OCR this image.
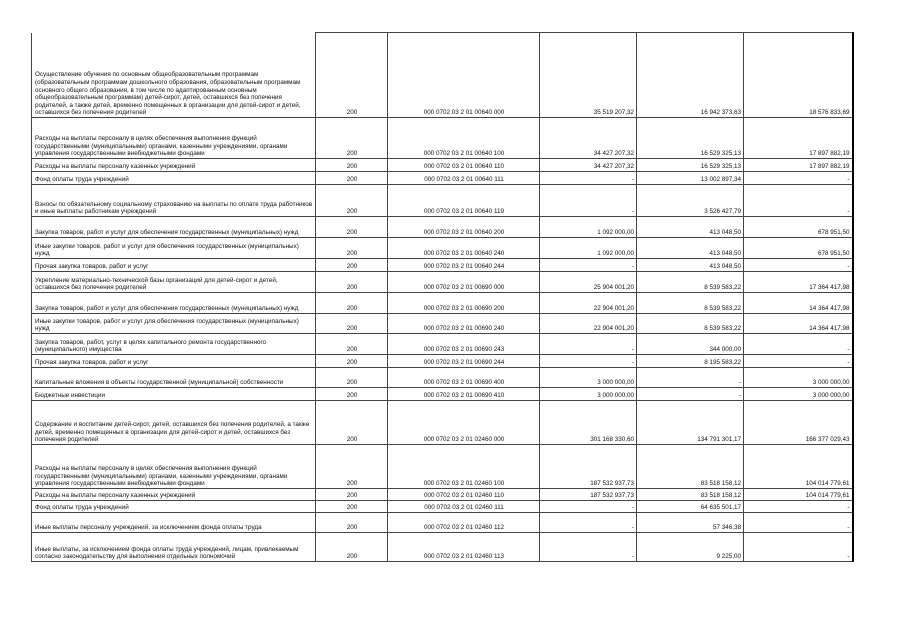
Осуществление обучения по основным общеобразовательным программам (образовательным программам дошкольного образования, образовательным программам основного общего образования, в том числе по адаптированным основным общеобразовательным программам) детей-сирот, детей, оставшихся без попечения родителей, а также детей, временно помещенных в организации для детей-сирот и детей, оставшихся без попечения родителей	200	000 0702 03 2 01 00640 000	35 519 207,32	16 942 373,63	18 576 833,69
Расходы на выплаты персоналу в целях обеспечения выполнения функций государственными (муниципальными) органами, казенными учреждениями, органами управления государственными внебюджетными фондами	200	000 0702 03 2 01 00640 100	34 427 207,32	16 529 325,13	17 897 882,19
Расходы на выплаты персоналу казенных учреждений	200	000 0702 03 2 01 00640 110	34 427 207,32	16 529 325,13	17 897 882,19
Фонд оплаты труда учреждений	200	000 0702 03 2 01 00640 111	-	13 002 897,34	-
Взносы по обязательному социальному страхованию на выплаты по оплате труда работников и иные выплаты работникам учреждений	200	000 0702 03 2 01 00640 119	-	3 526 427,79	-
Закупка товаров, работ и услуг для обеспечения государственных (муниципальных) нужд	200	000 0702 03 2 01 00640 200	1 092 000,00	413 048,50	678 951,50
Иные закупки товаров, работ и услуг для обеспечения государственных (муниципальных) нужд	200	000 0702 03 2 01 00640 240	1 092 000,00	413 048,50	678 951,50
Прочая закупка товаров, работ и услуг	200	000 0702 03 2 01 00640 244	-	413 048,50	-
Укрепление материально-технической базы организаций для детей-сирот и детей, оставшихся без попечения родителей	200	000 0702 03 2 01 00690 000	25 904 001,20	8 539 583,22	17 364 417,98
Закупка товаров, работ и услуг для обеспечения государственных (муниципальных) нужд	200	000 0702 03 2 01 00690 200	22 904 001,20	8 539 583,22	14 364 417,98
Иные закупки товаров, работ и услуг для обеспечения государственных (муниципальных) нужд	200	000 0702 03 2 01 00690 240	22 904 001,20	8 539 583,22	14 364 417,98
Закупка товаров, работ, услуг в целях капитального ремонта государственного (муниципального) имущества	200	000 0702 03 2 01 00690 243	-	344 000,00	-
Прочая закупка товаров, работ и услуг	200	000 0702 03 2 01 00690 244	-	8 195 583,22	-
Капитальные вложения в объекты государственной (муниципальной) собственности	200	000 0702 03 2 01 00690 400	3 000 000,00	-	3 000 000,00
Бюджетные инвестиции	200	000 0702 03 2 01 00690 410	3 000 000,00	-	3 000 000,00
Содержание и воспитание детей-сирот, детей, оставшихся без попечения родителей, а также детей, временно помещенных в организации для детей-сирот и детей, оставшихся без попечения родителей	200	000 0702 03 2 01 02460 000	301 168 330,60	134 791 301,17	166 377 029,43
Расходы на выплаты персоналу в целях обеспечения выполнения функций государственными (муниципальными) органами, казенными учреждениями, органами управления государственными внебюджетными фондами	200	000 0702 03 2 01 02460 100	187 532 937,73	83 518 158,12	104 014 779,61
Расходы на выплаты персоналу казенных учреждений	200	000 0702 03 2 01 02460 110	187 532 937,73	83 518 158,12	104 014 779,61
Фонд оплаты труда учреждений	200	000 0702 03 2 01 02460 111	-	64 635 501,17	-
Иные выплаты персоналу учреждений, за исключением фонда оплаты труда	200	000 0702 03 2 01 02460 112	-	57 346,38	-
Иные выплаты, за исключением фонда оплаты труда учреждений, лицам, привлекаемым согласно законодательству для выполнения отдельных полномочий	200	000 0702 03 2 01 02460 113	-	9 225,00	-
